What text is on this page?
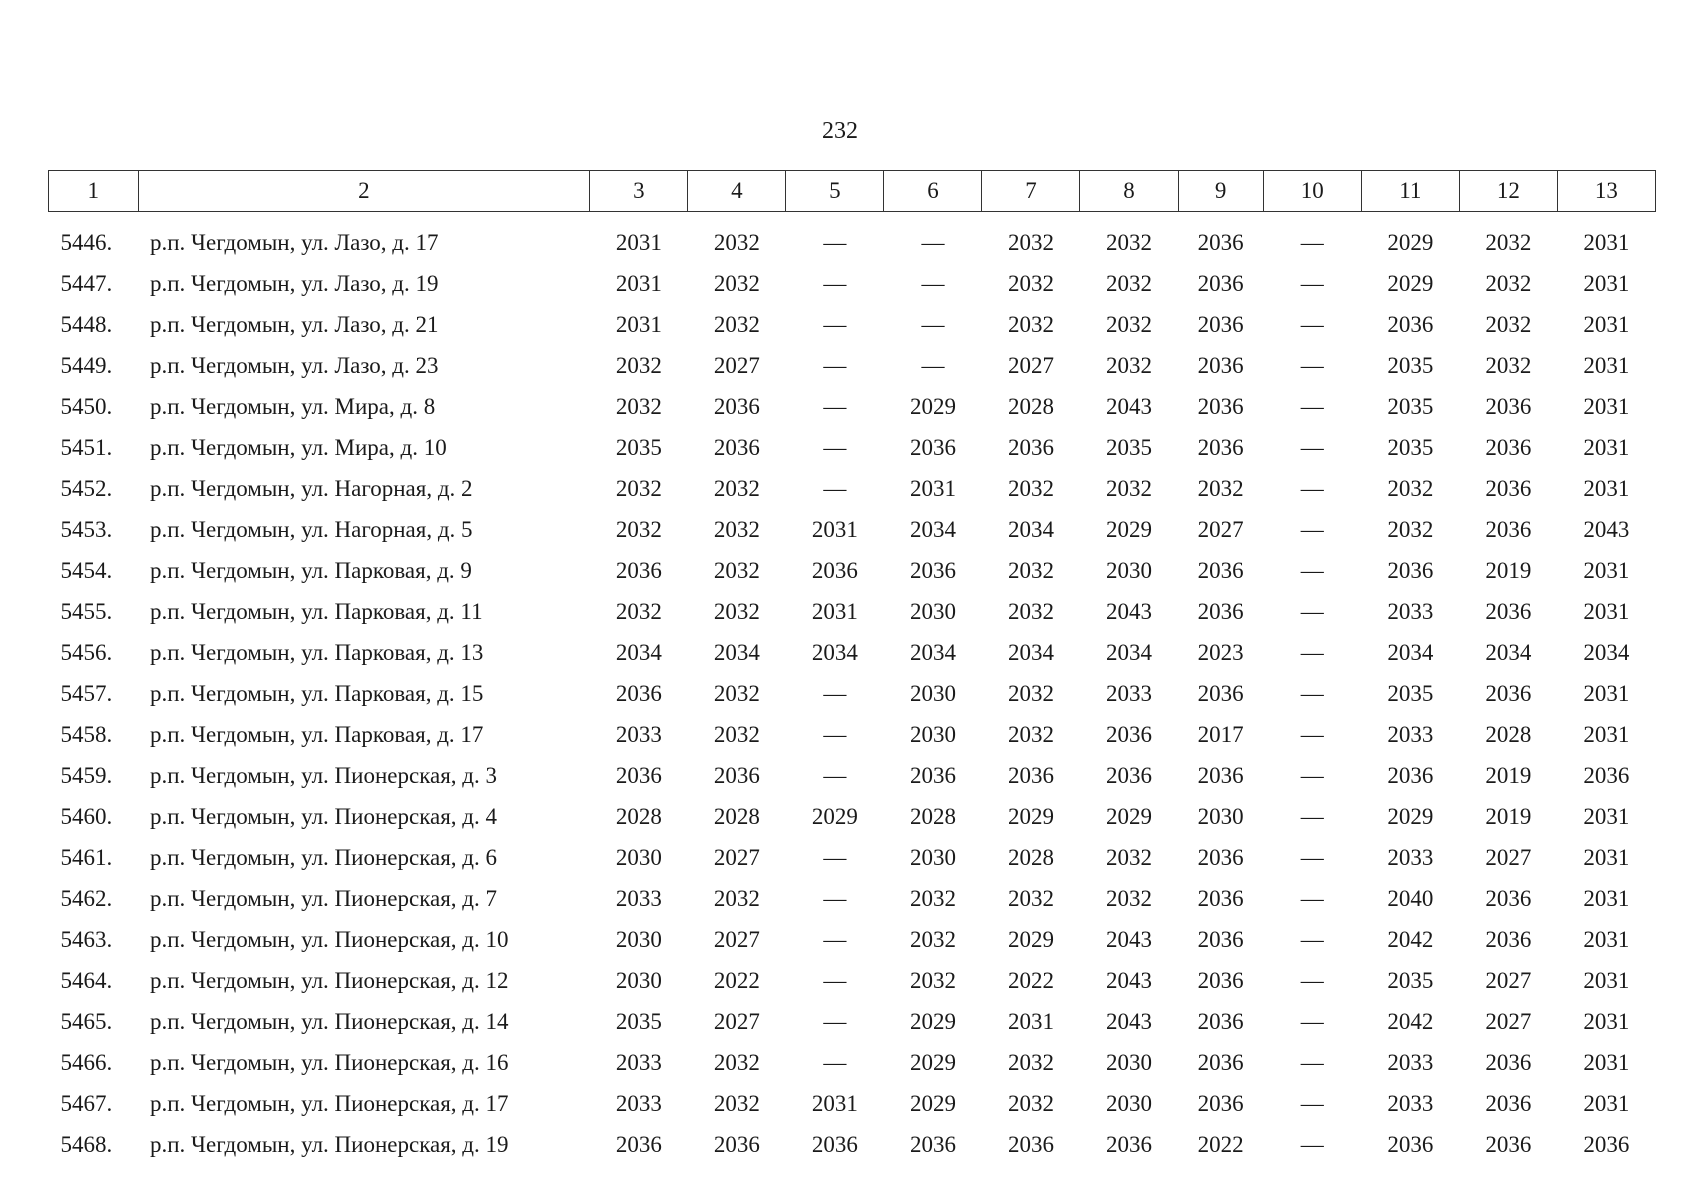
232
1	2	3	4	5	6	7	8	9	10	11	12	13
5446.	р.п. Чегдомын, ул. Лазо, д. 17	2031	2032	—	—	2032	2032	2036	—	2029	2032	2031
5447.	р.п. Чегдомын, ул. Лазо, д. 19	2031	2032	—	—	2032	2032	2036	—	2029	2032	2031
5448.	р.п. Чегдомын, ул. Лазо, д. 21	2031	2032	—	—	2032	2032	2036	—	2036	2032	2031
5449.	р.п. Чегдомын, ул. Лазо, д. 23	2032	2027	—	—	2027	2032	2036	—	2035	2032	2031
5450.	р.п. Чегдомын, ул. Мира, д. 8	2032	2036	—	2029	2028	2043	2036	—	2035	2036	2031
5451.	р.п. Чегдомын, ул. Мира, д. 10	2035	2036	—	2036	2036	2035	2036	—	2035	2036	2031
5452.	р.п. Чегдомын, ул. Нагорная, д. 2	2032	2032	—	2031	2032	2032	2032	—	2032	2036	2031
5453.	р.п. Чегдомын, ул. Нагорная, д. 5	2032	2032	2031	2034	2034	2029	2027	—	2032	2036	2043
5454.	р.п. Чегдомын, ул. Парковая, д. 9	2036	2032	2036	2036	2032	2030	2036	—	2036	2019	2031
5455.	р.п. Чегдомын, ул. Парковая, д. 11	2032	2032	2031	2030	2032	2043	2036	—	2033	2036	2031
5456.	р.п. Чегдомын, ул. Парковая, д. 13	2034	2034	2034	2034	2034	2034	2023	—	2034	2034	2034
5457.	р.п. Чегдомын, ул. Парковая, д. 15	2036	2032	—	2030	2032	2033	2036	—	2035	2036	2031
5458.	р.п. Чегдомын, ул. Парковая, д. 17	2033	2032	—	2030	2032	2036	2017	—	2033	2028	2031
5459.	р.п. Чегдомын, ул. Пионерская, д. 3	2036	2036	—	2036	2036	2036	2036	—	2036	2019	2036
5460.	р.п. Чегдомын, ул. Пионерская, д. 4	2028	2028	2029	2028	2029	2029	2030	—	2029	2019	2031
5461.	р.п. Чегдомын, ул. Пионерская, д. 6	2030	2027	—	2030	2028	2032	2036	—	2033	2027	2031
5462.	р.п. Чегдомын, ул. Пионерская, д. 7	2033	2032	—	2032	2032	2032	2036	—	2040	2036	2031
5463.	р.п. Чегдомын, ул. Пионерская, д. 10	2030	2027	—	2032	2029	2043	2036	—	2042	2036	2031
5464.	р.п. Чегдомын, ул. Пионерская, д. 12	2030	2022	—	2032	2022	2043	2036	—	2035	2027	2031
5465.	р.п. Чегдомын, ул. Пионерская, д. 14	2035	2027	—	2029	2031	2043	2036	—	2042	2027	2031
5466.	р.п. Чегдомын, ул. Пионерская, д. 16	2033	2032	—	2029	2032	2030	2036	—	2033	2036	2031
5467.	р.п. Чегдомын, ул. Пионерская, д. 17	2033	2032	2031	2029	2032	2030	2036	—	2033	2036	2031
5468.	р.п. Чегдомын, ул. Пионерская, д. 19	2036	2036	2036	2036	2036	2036	2022	—	2036	2036	2036
